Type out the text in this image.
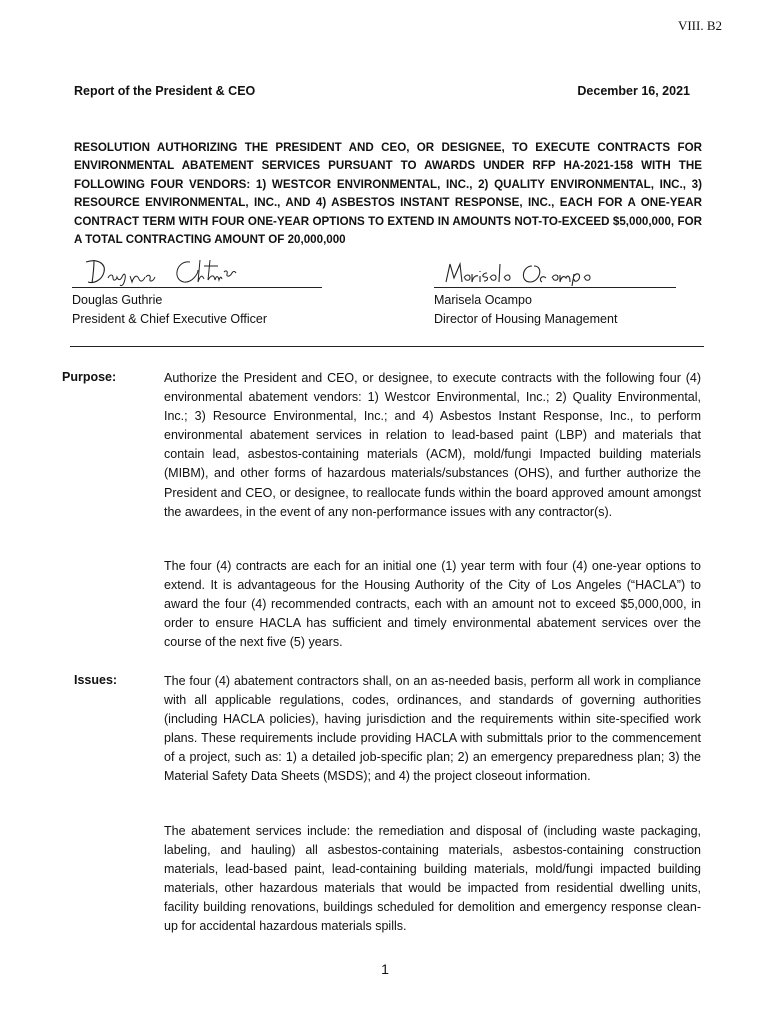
VIII. B2
Report of the President & CEO	December 16, 2021
RESOLUTION AUTHORIZING THE PRESIDENT AND CEO, OR DESIGNEE, TO EXECUTE CONTRACTS FOR ENVIRONMENTAL ABATEMENT SERVICES PURSUANT TO AWARDS UNDER RFP HA-2021-158 WITH THE FOLLOWING FOUR VENDORS: 1) WESTCOR ENVIRONMENTAL, INC., 2) QUALITY ENVIRONMENTAL, INC., 3) RESOURCE ENVIRONMENTAL, INC., AND 4) ASBESTOS INSTANT RESPONSE, INC., EACH FOR A ONE-YEAR CONTRACT TERM WITH FOUR ONE-YEAR OPTIONS TO EXTEND IN AMOUNTS NOT-TO-EXCEED $5,000,000, FOR A TOTAL CONTRACTING AMOUNT OF 20,000,000
Douglas Guthrie
President & Chief Executive Officer
Marisela Ocampo
Director of Housing Management
Purpose:	Authorize the President and CEO, or designee, to execute contracts with the following four (4) environmental abatement vendors: 1) Westcor Environmental, Inc.; 2) Quality Environmental, Inc.; 3) Resource Environmental, Inc.; and 4) Asbestos Instant Response, Inc., to perform environmental abatement services in relation to lead-based paint (LBP) and materials that contain lead, asbestos-containing materials (ACM), mold/fungi Impacted building materials (MIBM), and other forms of hazardous materials/substances (OHS), and further authorize the President and CEO, or designee, to reallocate funds within the board approved amount amongst the awardees, in the event of any non-performance issues with any contractor(s).
The four (4) contracts are each for an initial one (1) year term with four (4) one-year options to extend. It is advantageous for the Housing Authority of the City of Los Angeles (“HACLA”) to award the four (4) recommended contracts, each with an amount not to exceed $5,000,000, in order to ensure HACLA has sufficient and timely environmental abatement services over the course of the next five (5) years.
Issues:	The four (4) abatement contractors shall, on an as-needed basis, perform all work in compliance with all applicable regulations, codes, ordinances, and standards of governing authorities (including HACLA policies), having jurisdiction and the requirements within site-specified work plans. These requirements include providing HACLA with submittals prior to the commencement of a project, such as: 1) a detailed job-specific plan; 2) an emergency preparedness plan; 3) the Material Safety Data Sheets (MSDS); and 4) the project closeout information.
The abatement services include: the remediation and disposal of (including waste packaging, labeling, and hauling) all asbestos-containing materials, asbestos-containing construction materials, lead-based paint, lead-containing building materials, mold/fungi impacted building materials, other hazardous materials that would be impacted from residential dwelling units, facility building renovations, buildings scheduled for demolition and emergency response clean-up for accidental hazardous materials spills.
1
